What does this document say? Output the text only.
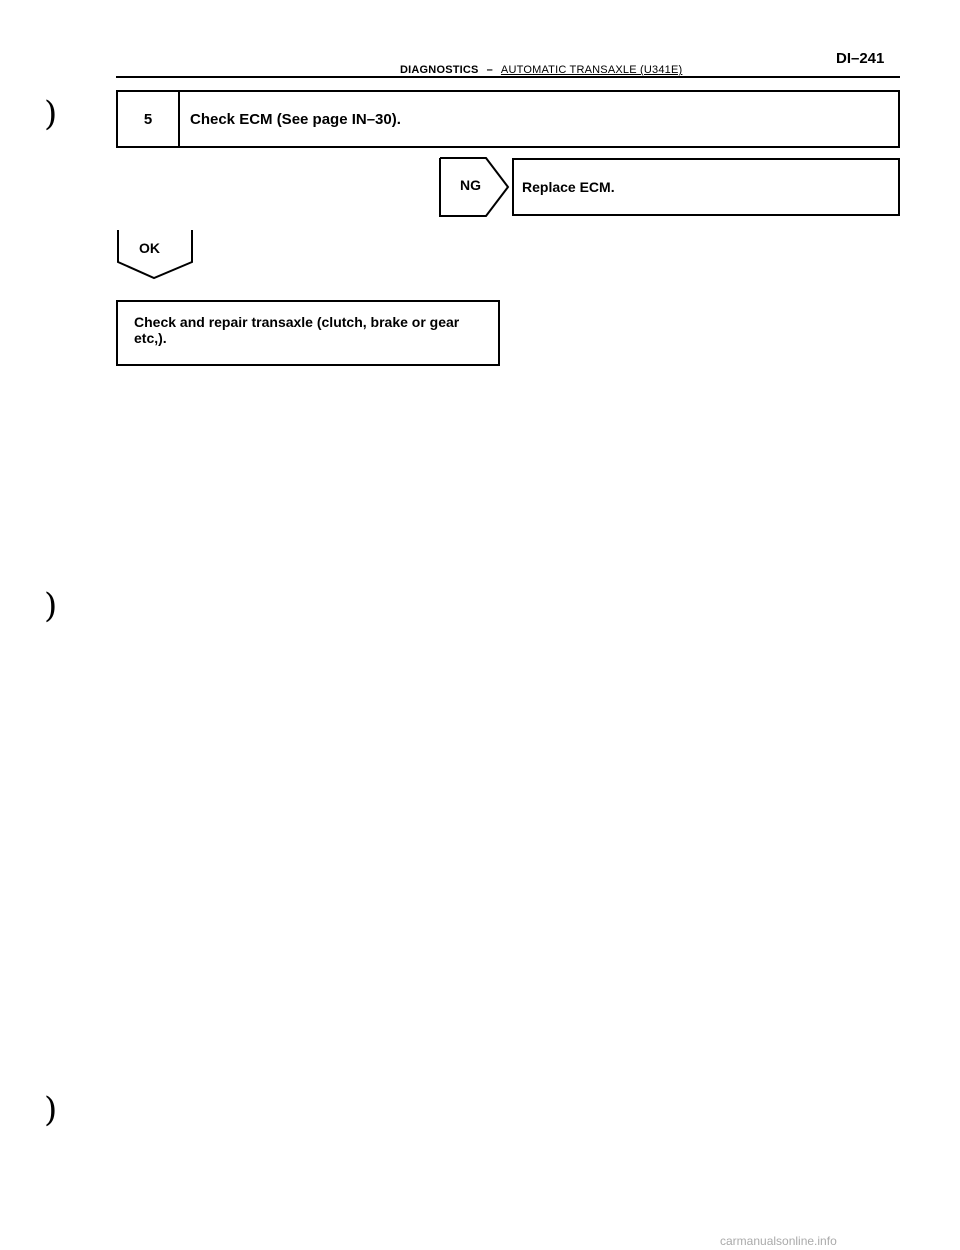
DI–241
DIAGNOSTICS – AUTOMATIC TRANSAXLE (U341E)
5	Check ECM (See page IN–30).
NG	Replace ECM.
OK
Check and repair transaxle (clutch, brake or gear etc,).
)
)
)
carmanualsonline.info
